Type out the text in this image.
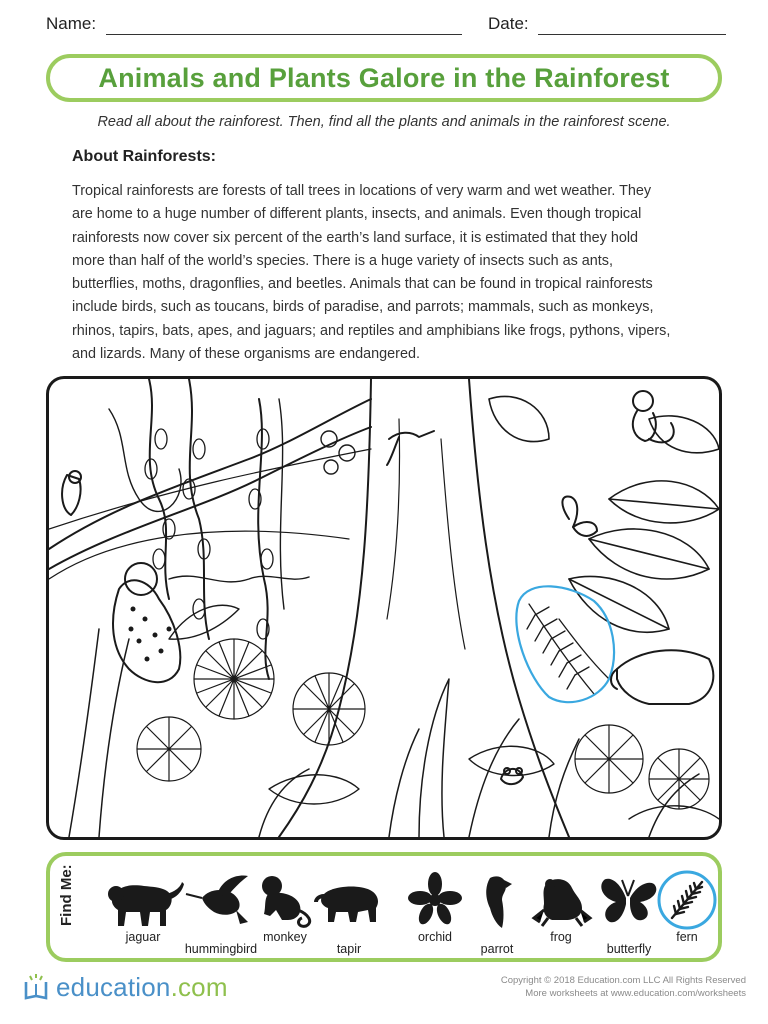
Name:	Date:
Animals and Plants Galore in the Rainforest
Read all about the rainforest. Then, find all the plants and animals in the rainforest scene.
About Rainforests:
Tropical rainforests are forests of tall trees in locations of very warm and wet weather. They
are home to a huge number of different plants, insects, and animals. Even though tropical
rainforests now cover six percent of the earth’s land surface, it is estimated that they hold
more than half of the world’s species. There is a huge variety of insects such as ants,
butterflies, moths, dragonflies, and beetles. Animals that can be found in tropical rainforests
include birds, such as toucans, birds of paradise, and parrots; mammals, such as monkeys,
rhinos, tapirs, bats, apes, and jaguars; and reptiles and amphibians like frogs, pythons, vipers,
and lizards. Many of these organisms are endangered.
Find Me:
jaguar
hummingbird
monkey
tapir
orchid
parrot
frog
butterfly
fern
education.com	Copyright © 2018 Education.com LLC All Rights Reserved
More worksheets at www.education.com/worksheets
